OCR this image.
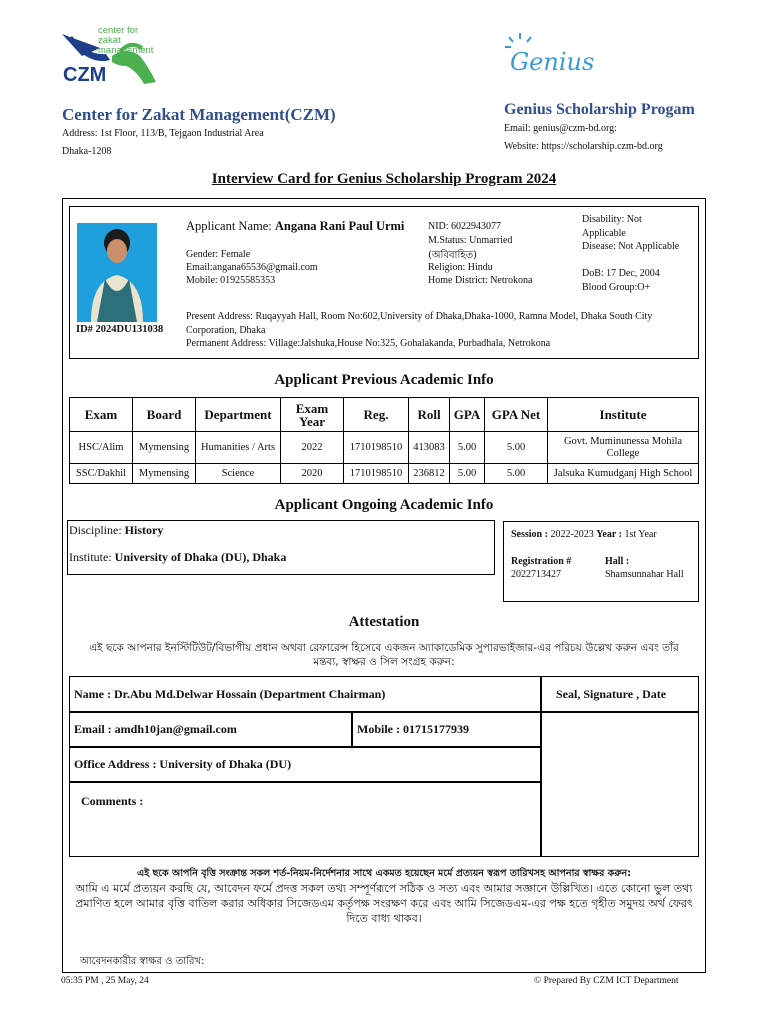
CZM
center for zakat management	Genius
Center for Zakat Management(CZM)
Address: 1st Floor, 113/B, Tejgaon Industrial Area
Dhaka-1208
Genius Scholarship Progam
Email: genius@czm-bd.org:
Website: https://scholarship.czm-bd.org
Interview Card for Genius Scholarship Program 2024
ID# 2024DU131038
Applicant Name: Angana Rani Paul Urmi
Gender: Female
Email:angana65536@gmail.com
Mobile: 01925585353
NID: 6022943077
M.Status: Unmarried
(অবিবাহিত)
Religion: Hindu
Home District: Netrokona
Disability: Not Applicable
Disease: Not Applicable
DoB: 17 Dec, 2004
Blood Group:O+
Present Address: Ruqayyah Hall, Room No:602,University of Dhaka,Dhaka-1000, Ramna Model, Dhaka South City Corporation, Dhaka
Permanent Address: Village:Jalshuka,House No:325, Gohalakanda, Purbadhala, Netrokona
Applicant Previous Academic Info
Exam	Board	Department	Exam Year	Reg.	Roll	GPA	GPA Net	Institute
HSC/Alim	Mymensing	Humanities / Arts	2022	1710198510	413083	5.00	5.00	Govt. Muminunessa Mohila College
SSC/Dakhil	Mymensing	Science	2020	1710198510	236812	5.00	5.00	Jalsuka Kumudganj High School
Applicant Ongoing Academic Info
Discipline: History
Institute: University of Dhaka (DU), Dhaka
Session : 2022-2023 Year : 1st Year
Registration #
2022713427
Hall :
Shamsunnahar Hall
Attestation
এই ছকে আপনার ইনস্টিটিউট/বিভাগীয় প্রধান অথবা রেফারেন্স হিসেবে একজন অ্যাকাডেমিক সুপারভাইজার-এর পরিচয় উল্লেখ করুন এবং তাঁর মন্তব্য, স্বাক্ষর ও সিল সংগ্রহ করুন:
Name : Dr.Abu Md.Delwar Hossain (Department Chairman)	Seal, Signature , Date
Email : amdh10jan@gmail.com	Mobile : 01715177939
Office Address : University of Dhaka (DU)
Comments :
এই ছকে আপনি বৃত্তি সংক্রান্ত সকল শর্ত-নিয়ম-নির্দেশনার সাথে একমত হয়েছেন মর্মে প্রত্যয়ন স্বরূপ তারিখসহ আপনার স্বাক্ষর করুন:
আমি এ মর্মে প্রত্যয়ন করছি যে, আবেদন ফর্মে প্রদত্ত সকল তথ্য সম্পূর্ণরূপে সঠিক ও সত্য এবং আমার সজ্ঞানে উল্লিখিত। এতে কোনো ভুল তথ্য প্রমাণিত হলে আমার বৃত্তি বাতিল করার অধিকার সিজেডএম কর্তৃপক্ষ সংরক্ষণ করে এবং আমি সিজেডএম-এর পক্ষ হতে গৃহীত সমুদয় অর্থ ফেরৎ দিতে বাধ্য থাকব।
আবেদনকারীর স্বাক্ষর ও তারিখ:
05:35 PM , 25 May, 24	© Prepared By CZM ICT Department
